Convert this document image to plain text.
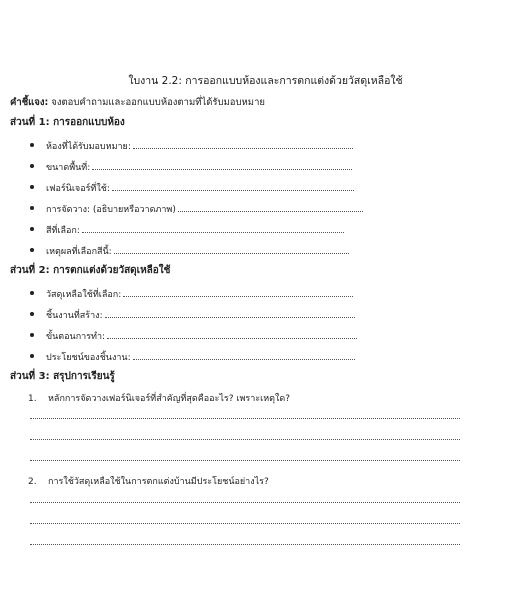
ใบงาน 2.2: การออกแบบห้องและการตกแต่งด้วยวัสดุเหลือใช้
คำชี้แจง: จงตอบคำถามและออกแบบห้องตามที่ได้รับมอบหมาย
ส่วนที่ 1: การออกแบบห้อง
ห้องที่ได้รับมอบหมาย:
ขนาดพื้นที่:
เฟอร์นิเจอร์ที่ใช้:
การจัดวาง: (อธิบายหรือวาดภาพ)
สีที่เลือก:
เหตุผลที่เลือกสีนี้:
ส่วนที่ 2: การตกแต่งด้วยวัสดุเหลือใช้
วัสดุเหลือใช้ที่เลือก:
ชิ้นงานที่สร้าง:
ขั้นตอนการทำ:
ประโยชน์ของชิ้นงาน:
ส่วนที่ 3: สรุปการเรียนรู้
1. หลักการจัดวางเฟอร์นิเจอร์ที่สำคัญที่สุดคืออะไร? เพราะเหตุใด?
2. การใช้วัสดุเหลือใช้ในการตกแต่งบ้านมีประโยชน์อย่างไร?
